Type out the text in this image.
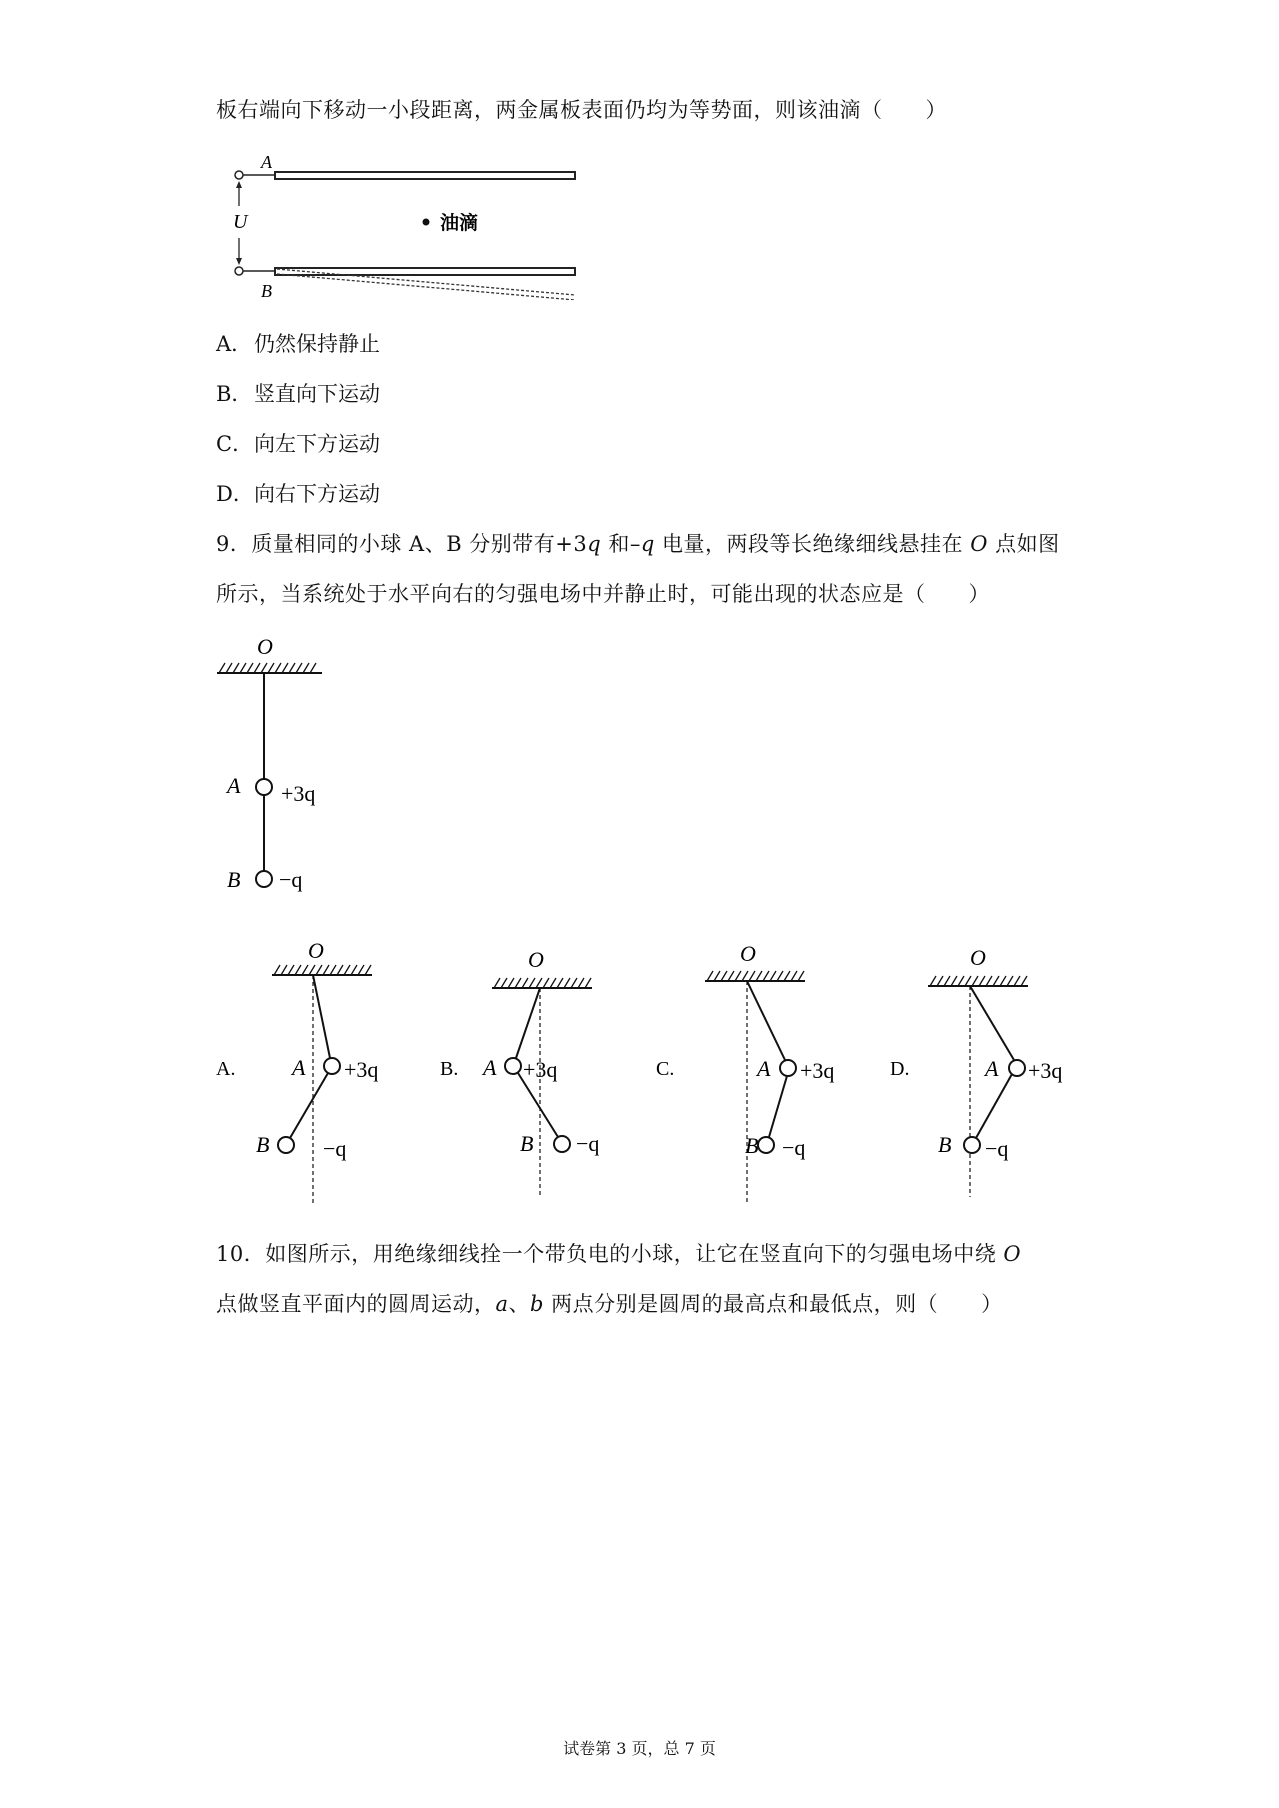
板右端向下移动一小段距离，两金属板表面仍均为等势面，则该油滴（　　）
U
A
B
油滴
A．仍然保持静止
B．竖直向下运动
C．向左下方运动
D．向右下方运动
9．质量相同的小球 A、B 分别带有+3q 和–q 电量，两段等长绝缘细线悬挂在 O 点如图
所示，当系统处于水平向右的匀强电场中并静止时，可能出现的状态应是（　　）
O
A +3q
B −q
A.
O
A +3q
B −q
B.
O
A +3q
B −q
C.
O
A +3q
B −q
D.
O
A +3q
B −q
10．如图所示，用绝缘细线拴一个带负电的小球，让它在竖直向下的匀强电场中绕 O
点做竖直平面内的圆周运动，a、b 两点分别是圆周的最高点和最低点，则（　　）
试卷第 3 页，总 7 页
